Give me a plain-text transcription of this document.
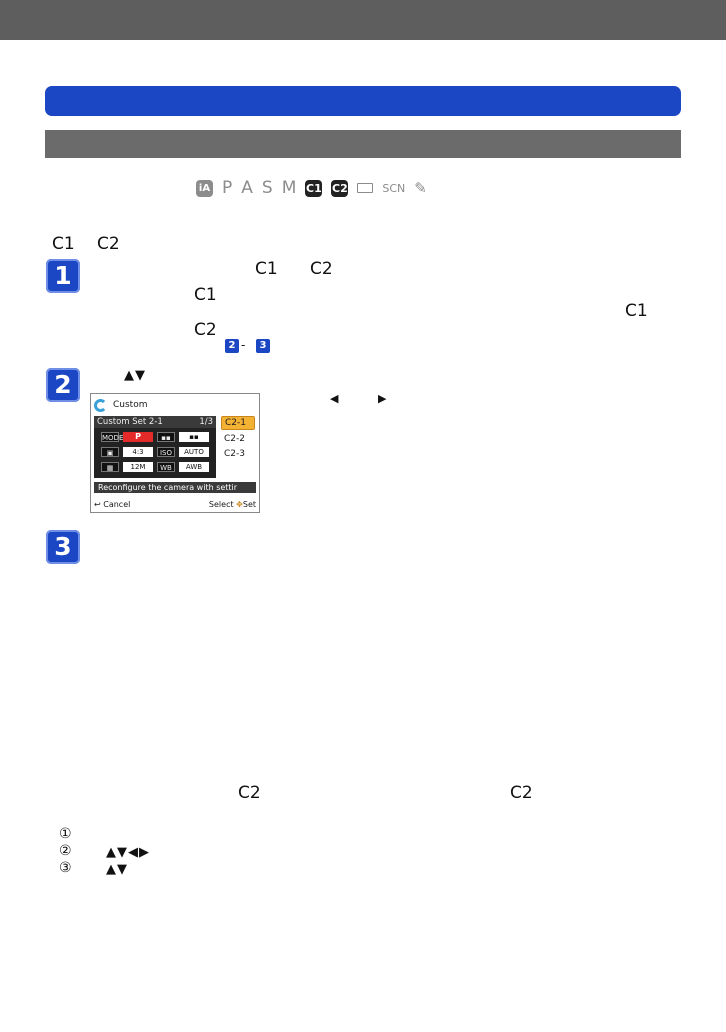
iA P A S M C1 C2	SCN ✎
C1 C2
1	C1 C2
C1
C1
C2
2 -	3
2	▲▼
◀	▶
Custom
Custom Set 2-1	1/3
MODE	P	▪▪	▪▪
▣	4:3	ISO	AUTO
▦	12M	WB	AWB
C2-1
C2-2
C2-3
Reconfigure the camera with settir
↩ Cancel	Select ✥Set
3
C2	C2
①
②	▲▼◀▶
③	▲▼
